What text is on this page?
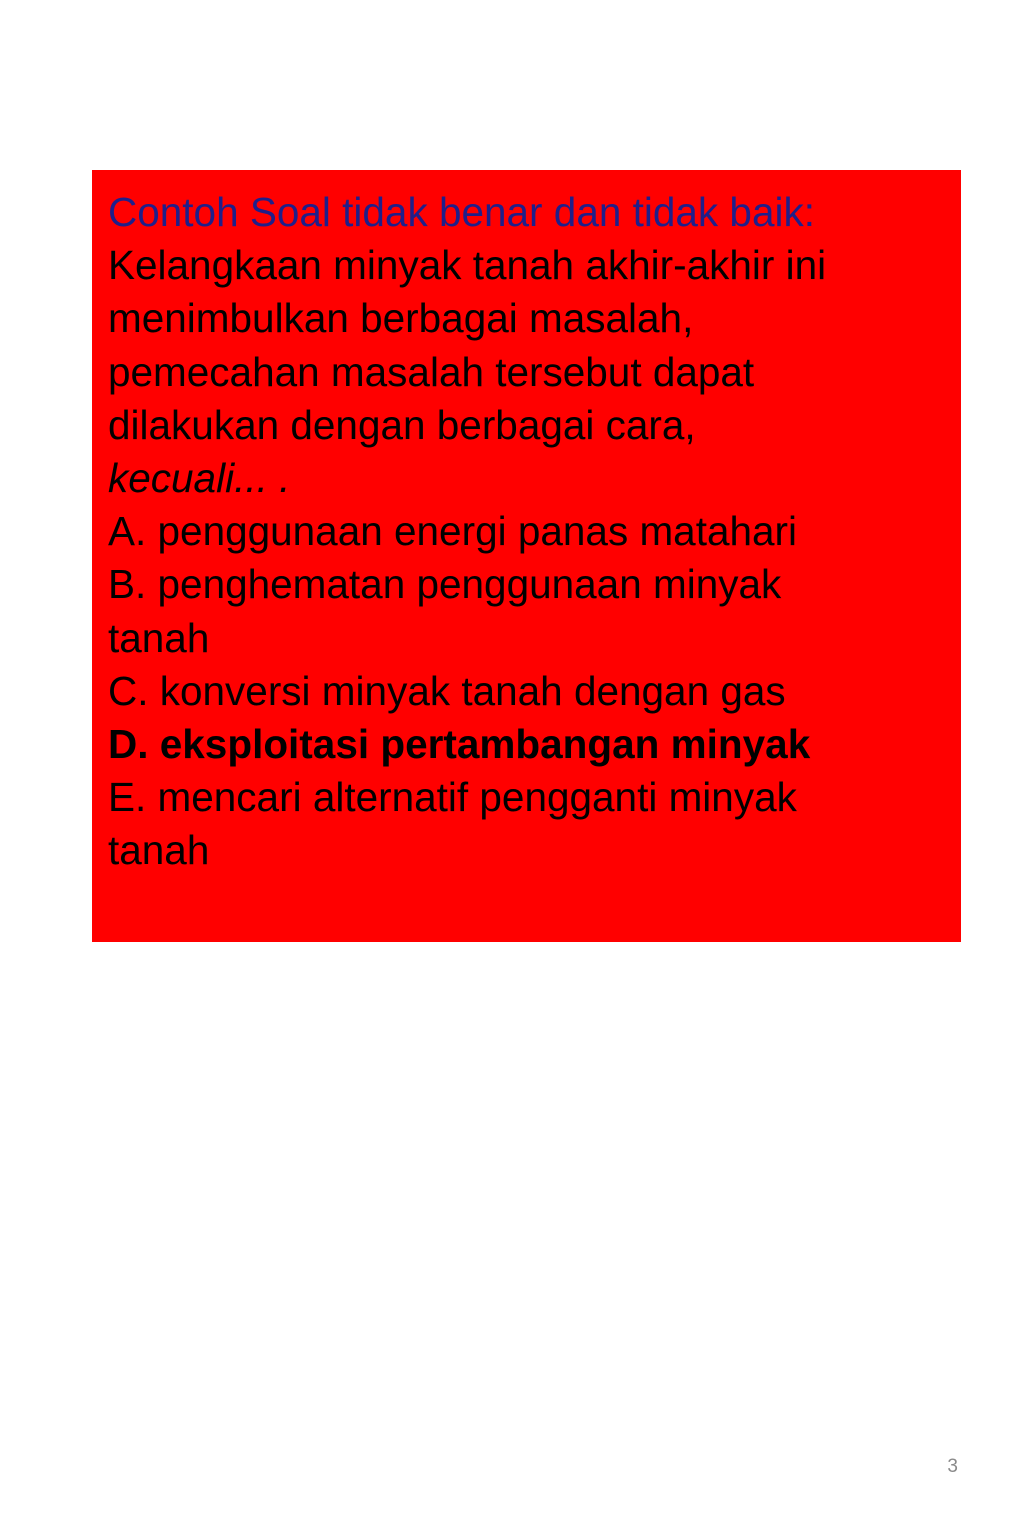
Contoh Soal tidak benar dan tidak baik:
Kelangkaan minyak tanah akhir-akhir ini
menimbulkan berbagai masalah,
pemecahan masalah tersebut dapat
dilakukan dengan berbagai cara,
kecuali... .
A. penggunaan energi panas matahari
B. penghematan penggunaan minyak
tanah
C. konversi minyak tanah dengan gas
D. eksploitasi pertambangan minyak
E. mencari alternatif pengganti minyak
tanah
3
